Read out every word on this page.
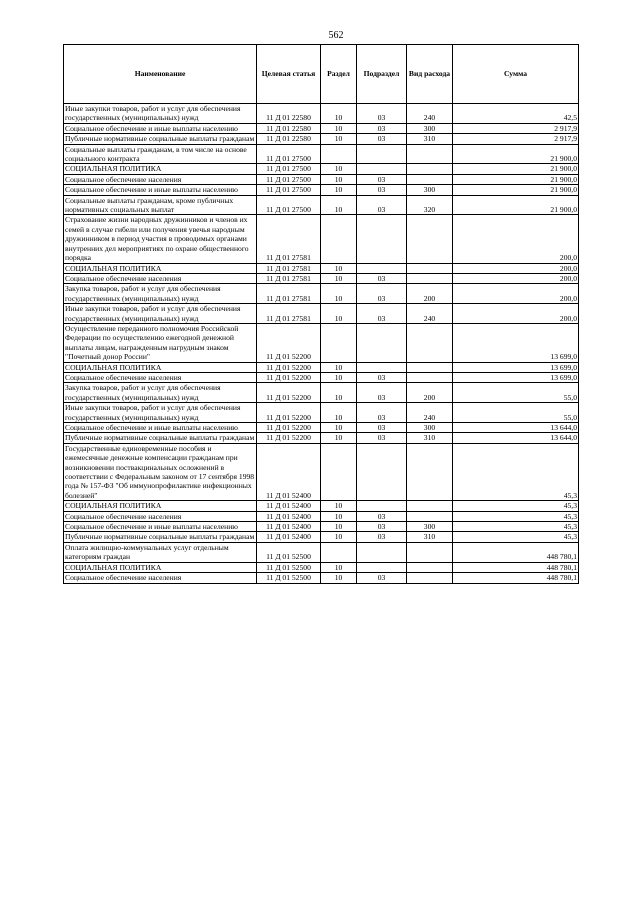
562
Наименование	Целевая статья	Раздел	Подраздел	Вид расхода	Сумма
Иные закупки товаров, работ и услуг для обеспечения государственных (муниципальных) нужд	11 Д 01 22580	10	03	240	42,5
Социальное обеспечение и иные выплаты населению	11 Д 01 22580	10	03	300	2 917,9
Публичные нормативные социальные выплаты гражданам	11 Д 01 22580	10	03	310	2 917,9
Социальные выплаты гражданам, в том числе на основе социального контракта	11 Д 01 27500				21 900,0
СОЦИАЛЬНАЯ ПОЛИТИКА	11 Д 01 27500	10			21 900,0
Социальное обеспечение населения	11 Д 01 27500	10	03		21 900,0
Социальное обеспечение и иные выплаты населению	11 Д 01 27500	10	03	300	21 900,0
Социальные выплаты гражданам, кроме публичных нормативных социальных выплат	11 Д 01 27500	10	03	320	21 900,0
Страхование жизни народных дружинников и членов их семей в случае гибели или получения увечья народным дружинником в период участия в проводимых органами внутренних дел мероприятиях по охране общественного порядка	11 Д 01 27581				200,0
СОЦИАЛЬНАЯ ПОЛИТИКА	11 Д 01 27581	10			200,0
Социальное обеспечение населения	11 Д 01 27581	10	03		200,0
Закупка товаров, работ и услуг для обеспечения государственных (муниципальных) нужд	11 Д 01 27581	10	03	200	200,0
Иные закупки товаров, работ и услуг для обеспечения государственных (муниципальных) нужд	11 Д 01 27581	10	03	240	200,0
Осуществление переданного полномочия Российской Федерации по осуществлению ежегодной денежной выплаты лицам, награжденным нагрудным знаком "Почетный донор России"	11 Д 01 52200				13 699,0
СОЦИАЛЬНАЯ ПОЛИТИКА	11 Д 01 52200	10			13 699,0
Социальное обеспечение населения	11 Д 01 52200	10	03		13 699,0
Закупка товаров, работ и услуг для обеспечения государственных (муниципальных) нужд	11 Д 01 52200	10	03	200	55,0
Иные закупки товаров, работ и услуг для обеспечения государственных (муниципальных) нужд	11 Д 01 52200	10	03	240	55,0
Социальное обеспечение и иные выплаты населению	11 Д 01 52200	10	03	300	13 644,0
Публичные нормативные социальные выплаты гражданам	11 Д 01 52200	10	03	310	13 644,0
Государственные единовременные пособия и ежемесячные денежные компенсации гражданам при возникновении поствакцинальных осложнений в соответствии с Федеральным законом от 17 сентября 1998 года № 157-ФЗ "Об иммунопрофилактике инфекционных болезней"	11 Д 01 52400				45,3
СОЦИАЛЬНАЯ ПОЛИТИКА	11 Д 01 52400	10			45,3
Социальное обеспечение населения	11 Д 01 52400	10	03		45,3
Социальное обеспечение и иные выплаты населению	11 Д 01 52400	10	03	300	45,3
Публичные нормативные социальные выплаты гражданам	11 Д 01 52400	10	03	310	45,3
Оплата жилищно-коммунальных услуг отдельным категориям граждан	11 Д 01 52500				448 780,1
СОЦИАЛЬНАЯ ПОЛИТИКА	11 Д 01 52500	10			448 780,1
Социальное обеспечение населения	11 Д 01 52500	10	03		448 780,1
